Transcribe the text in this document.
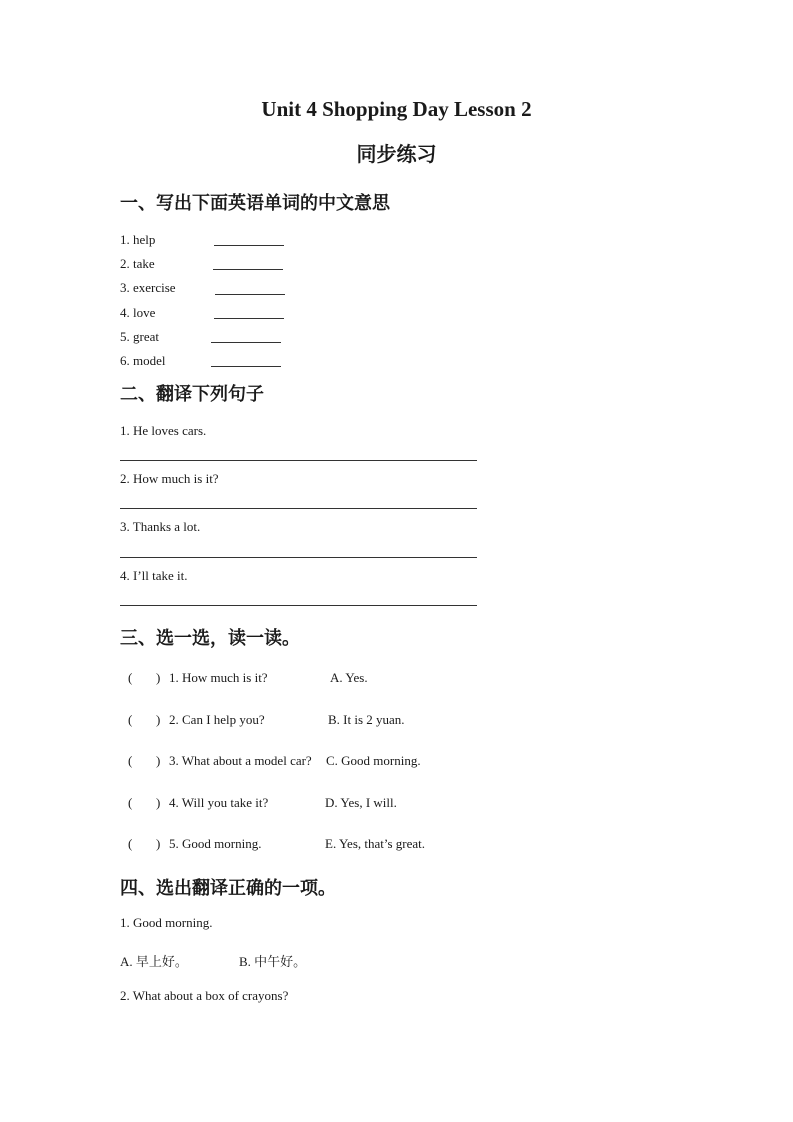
Unit 4 Shopping Day Lesson 2
同步练习
一、写出下面英语单词的中文意思
1. help
2. take
3. exercise
4. love
5. great
6. model
二、翻译下列句子
1. He loves cars.
2. How much is it?
3. Thanks a lot.
4. I’ll take it.
三、选一选，读一读。
( ) 1. How much is it?	A. Yes.
( ) 2. Can I help you?	B. It is 2 yuan.
( ) 3. What about a model car? C. Good morning.
( ) 4. Will you take it?	D. Yes, I will.
( ) 5. Good morning.	E. Yes, that’s great.
四、选出翻译正确的一项。
1. Good morning.
A. 早上好。	B. 中午好。
2. What about a box of crayons?
